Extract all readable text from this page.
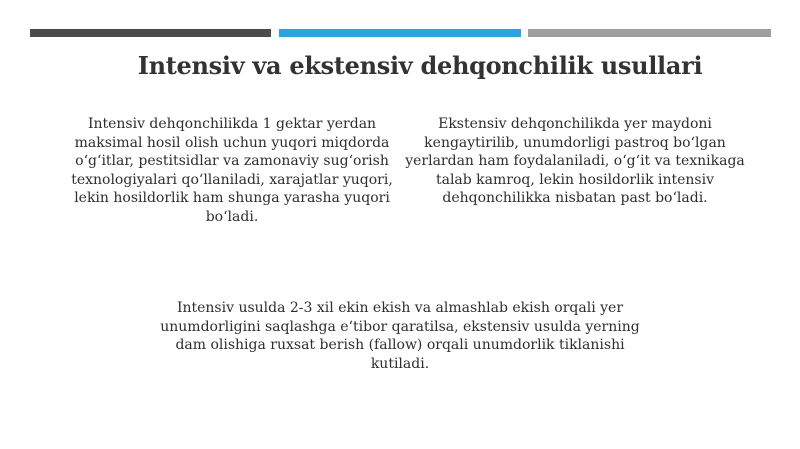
Intensiv va ekstensiv dehqonchilik usullari
Intensiv dehqonchilikda 1 gektar yerdan maksimal hosil olish uchun yuqori miqdorda o‘g‘itlar, pestitsidlar va zamonaviy sug‘orish texnologiyalari qo‘llaniladi, xarajatlar yuqori, lekin hosildorlik ham shunga yarasha yuqori bo‘ladi.
Ekstensiv dehqonchilikda yer maydoni kengaytirilib, unumdorligi pastroq bo‘lgan yerlardan ham foydalaniladi, o‘g‘it va texnikaga talab kamroq, lekin hosildorlik intensiv dehqonchilikka nisbatan past bo‘ladi.
Intensiv usulda 2-3 xil ekin ekish va almashlab ekish orqali yer unumdorligini saqlashga e‘tibor qaratilsa, ekstensiv usulda yerning dam olishiga ruxsat berish (fallow) orqali unumdorlik tiklanishi kutiladi.
